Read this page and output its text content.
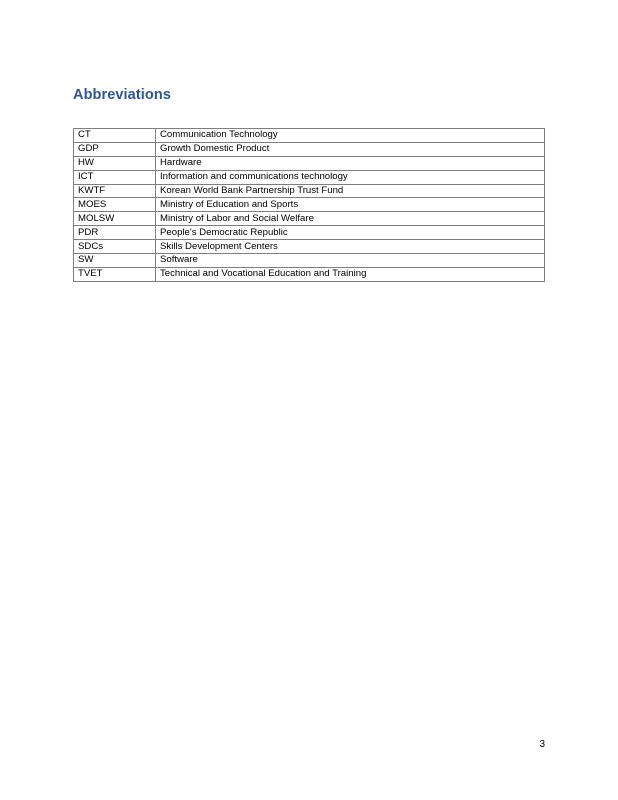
Abbreviations
CT	Communication Technology
GDP	Growth Domestic Product
HW	Hardware
ICT	Information and communications technology
KWTF	Korean World Bank Partnership Trust Fund
MOES	Ministry of Education and Sports
MOLSW	Ministry of Labor and Social Welfare
PDR	People's Democratic Republic
SDCs	Skills Development Centers
SW	Software
TVET	Technical and Vocational Education and Training
3
